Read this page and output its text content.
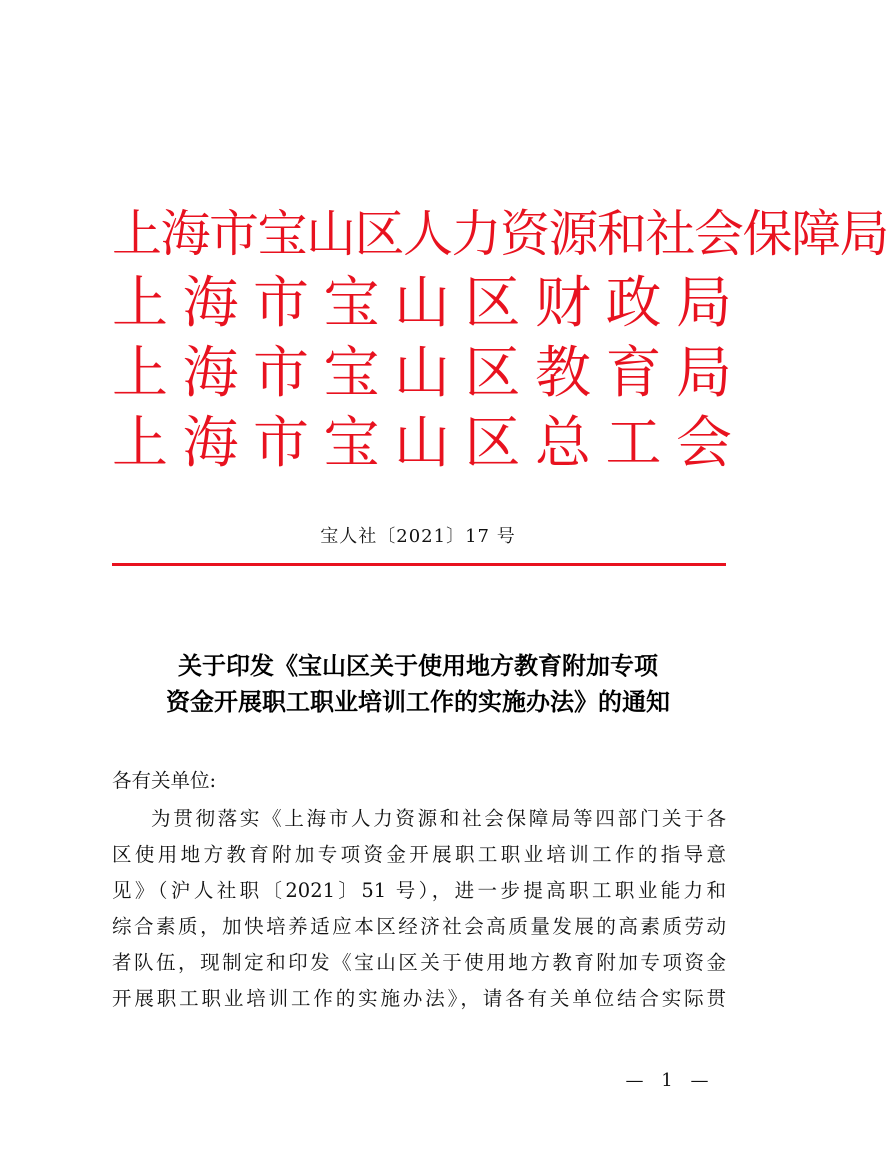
上海市宝山区人力资源和社会保障局
上 海 市 宝 山 区 财 政 局
上 海 市 宝 山 区 教 育 局
上 海 市 宝 山 区 总 工 会
宝人社〔2021〕17 号
关于印发《宝山区关于使用地方教育附加专项
资金开展职工职业培训工作的实施办法》的通知
各有关单位:
为贯彻落实《上海市人力资源和社会保障局等四部门关于各
区使用地方教育附加专项资金开展职工职业培训工作的指导意
见》（沪人社职〔2021〕51 号），进一步提高职工职业能力和
综合素质，加快培养适应本区经济社会高质量发展的高素质劳动
者队伍，现制定和印发《宝山区关于使用地方教育附加专项资金
开展职工职业培训工作的实施办法》，请各有关单位结合实际贯
— 1 —
